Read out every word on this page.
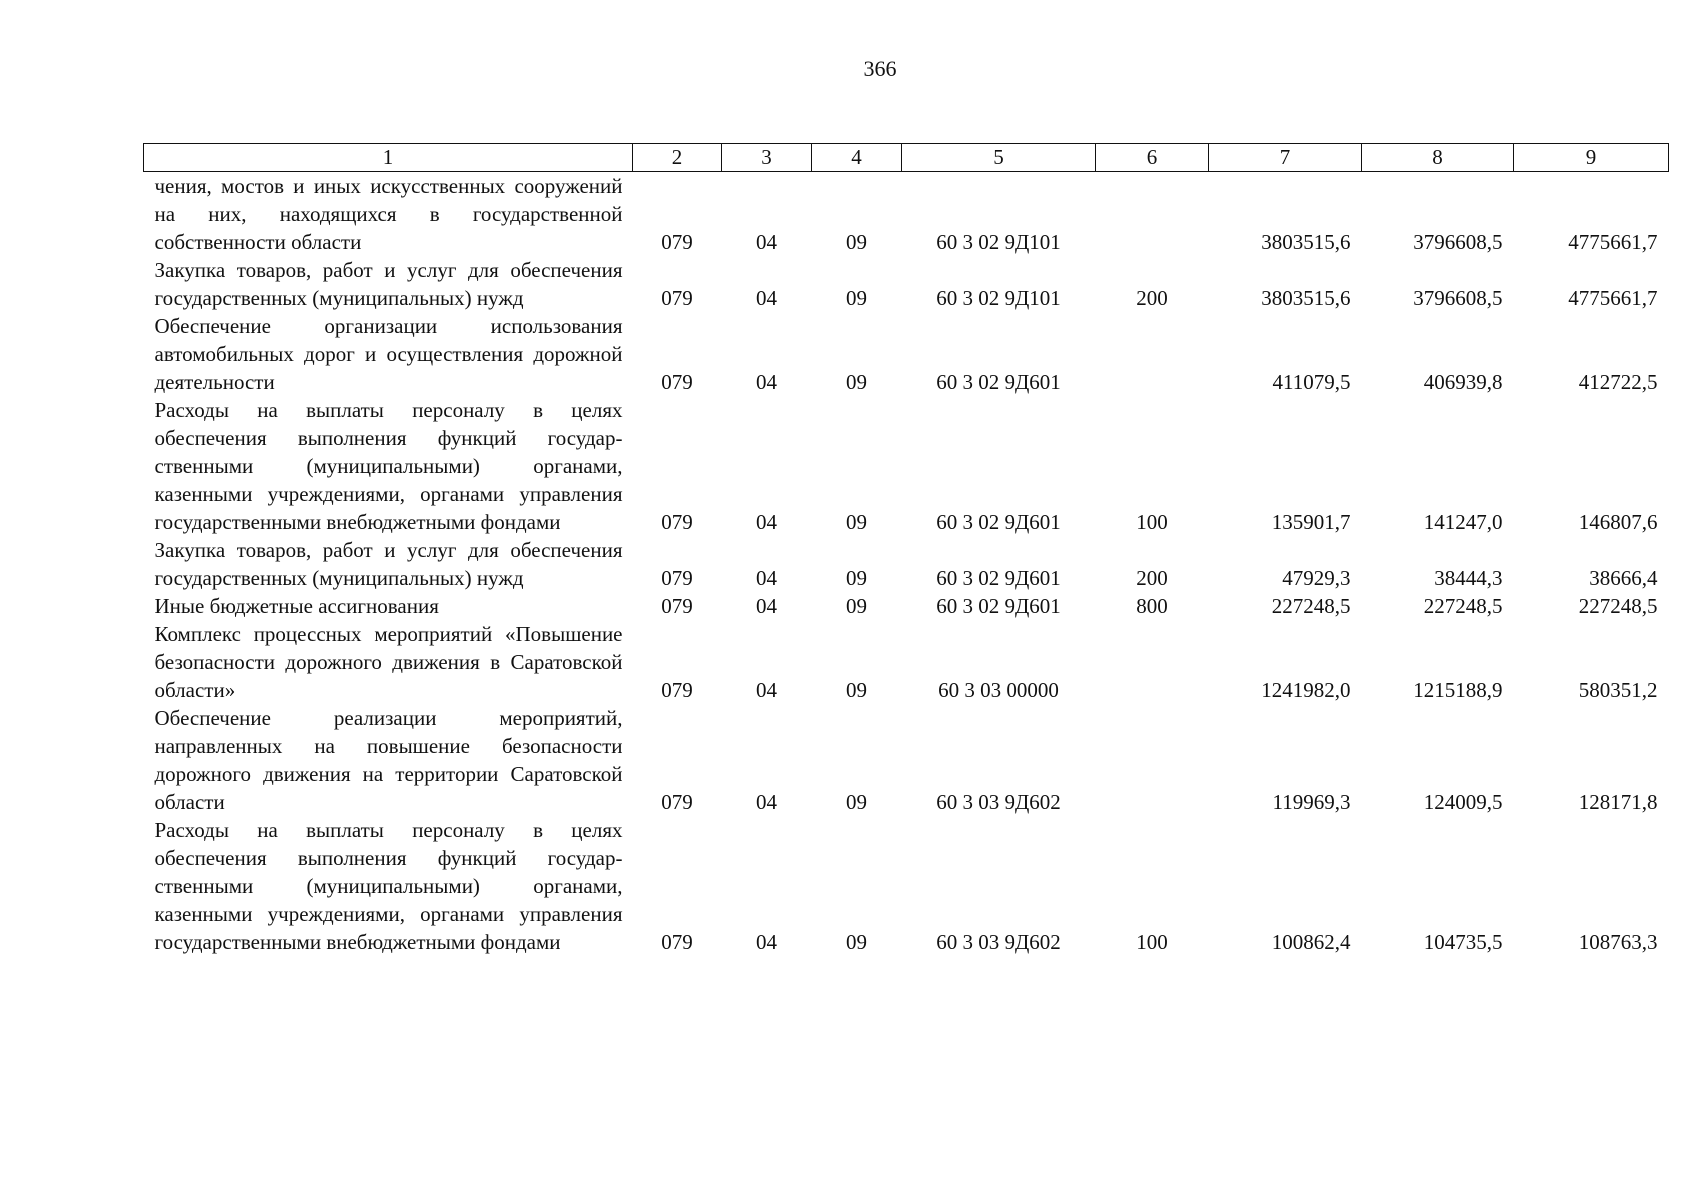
366
1	2	3	4	5	6	7	8	9
чения, мостов и иных искусственных сооружений на них, находящихся в государственной собственности области	079	04	09	60 3 02 9Д101		3803515,6	3796608,5	4775661,7
Закупка товаров, работ и услуг для обеспечения государственных (муниципальных) нужд	079	04	09	60 3 02 9Д101	200	3803515,6	3796608,5	4775661,7
Обеспечение организации использования автомобильных дорог и осуществления дорожной деятельности	079	04	09	60 3 02 9Д601		411079,5	406939,8	412722,5
Расходы на выплаты персоналу в целях обеспечения выполнения функций государственными (муниципальными) органами, казенными учреждениями, органами управления государственными внебюджетными фондами	079	04	09	60 3 02 9Д601	100	135901,7	141247,0	146807,6
Закупка товаров, работ и услуг для обеспечения государственных (муниципальных) нужд	079	04	09	60 3 02 9Д601	200	47929,3	38444,3	38666,4
Иные бюджетные ассигнования	079	04	09	60 3 02 9Д601	800	227248,5	227248,5	227248,5
Комплекс процессных мероприятий «Повышение безопасности дорожного движения в Саратовской области»	079	04	09	60 3 03 00000		1241982,0	1215188,9	580351,2
Обеспечение реализации мероприятий, направленных на повышение безопасности дорожного движения на территории Саратовской области	079	04	09	60 3 03 9Д602		119969,3	124009,5	128171,8
Расходы на выплаты персоналу в целях обеспечения выполнения функций государственными (муниципальными) органами, казенными учреждениями, органами управления государственными внебюджетными фондами	079	04	09	60 3 03 9Д602	100	100862,4	104735,5	108763,3
